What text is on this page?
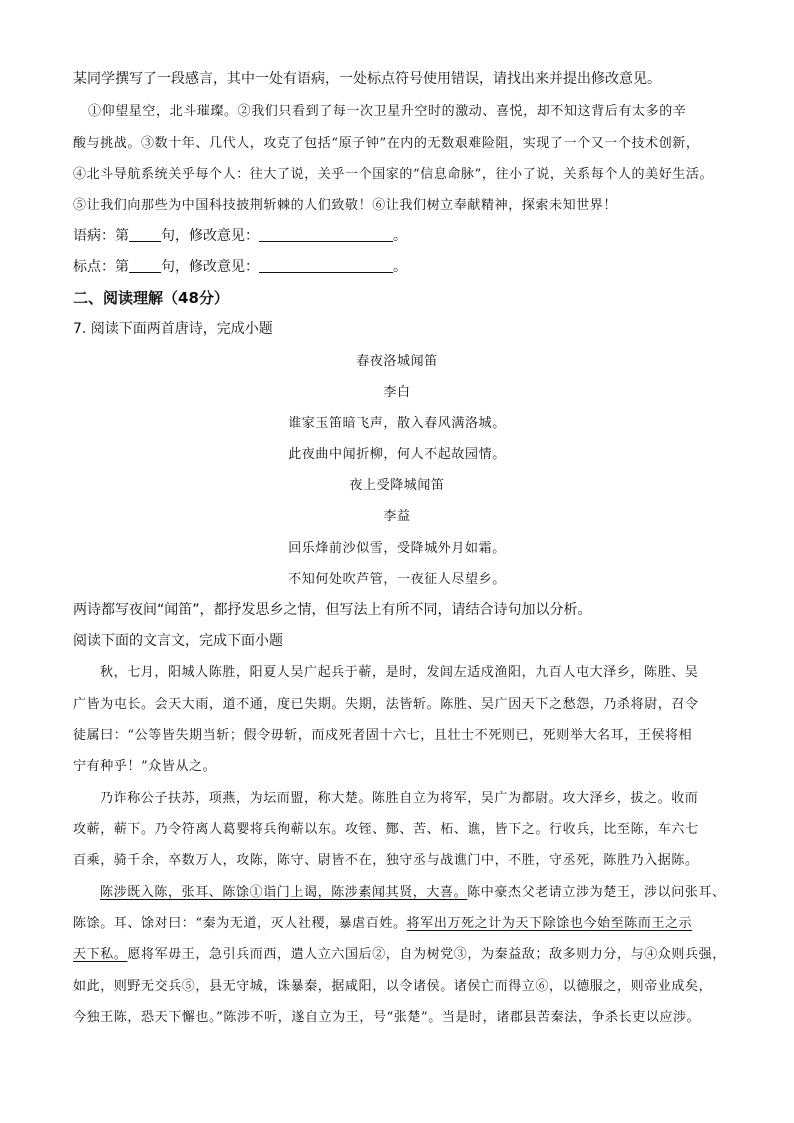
某同学撰写了一段感言，其中一处有语病，一处标点符号使用错误，请找出来并提出修改意见。
①仰望星空，北斗璀璨。②我们只看到了每一次卫星升空时的激动、喜悦，却不知这背后有太多的辛
酸与挑战。③数十年、几代人，攻克了包括“原子钟”在内的无数艰难险阻，实现了一个又一个技术创新，
④北斗导航系统关乎每个人：往大了说，关乎一个国家的“信息命脉”，往小了说，关系每个人的美好生活。
⑤让我们向那些为中国科技披荆斩棘的人们致敬！⑥让我们树立奉献精神，探索未知世界！
语病：第 句，修改意见：	。
标点：第 句，修改意见：	。
二、阅读理解（48分）
7. 阅读下面两首唐诗，完成小题
春夜洛城闻笛
李白
谁家玉笛暗飞声，散入春风满洛城。
此夜曲中闻折柳，何人不起故园情。
夜上受降城闻笛
李益
回乐烽前沙似雪，受降城外月如霜。
不知何处吹芦管，一夜征人尽望乡。
两诗都写夜间“闻笛”，都抒发思乡之情，但写法上有所不同，请结合诗句加以分析。
阅读下面的文言文，完成下面小题
秋，七月，阳城人陈胜，阳夏人吴广起兵于蕲，是时，发闾左适戍渔阳，九百人屯大泽乡，陈胜、吴
广皆为屯长。会天大雨，道不通，度已失期。失期，法皆斩。陈胜、吴广因天下之愁怨，乃杀将尉，召令
徒属曰：“公等皆失期当斩；假令毋斩，而戍死者固十六七，且壮士不死则已，死则举大名耳，王侯将相
宁有种乎！”众皆从之。
乃诈称公子扶苏，项燕，为坛而盟，称大楚。陈胜自立为将军，吴广为都尉。攻大泽乡，拔之。收而
攻蕲，蕲下。乃令符离人葛婴将兵徇蕲以东。攻铚、酂、苦、柘、谯，皆下之。行收兵，比至陈，车六七
百乘，骑千余，卒数万人，攻陈，陈守、尉皆不在，独守丞与战谯门中，不胜，守丞死，陈胜乃入据陈。
陈涉既入陈，张耳、陈馀①诣门上谒，陈涉素闻其贤，大喜。陈中豪杰父老请立涉为楚王，涉以问张耳、
陈馀。耳、馀对曰：“秦为无道，灭人社稷，暴虐百姓。将军出万死之计为天下除馀也今始至陈而王之示
天下私。愿将军毋王，急引兵而西，遣人立六国后②，自为树党③，为秦益敌；敌多则力分，与④众则兵强，
如此，则野无交兵⑤，县无守城，诛暴秦，据咸阳，以令诸侯。诸侯亡而得立⑥，以德服之，则帝业成矣，
今独王陈，恐天下懈也。”陈涉不听，遂自立为王，号“张楚”。当是时，诸郡县苦秦法，争杀长吏以应涉。
